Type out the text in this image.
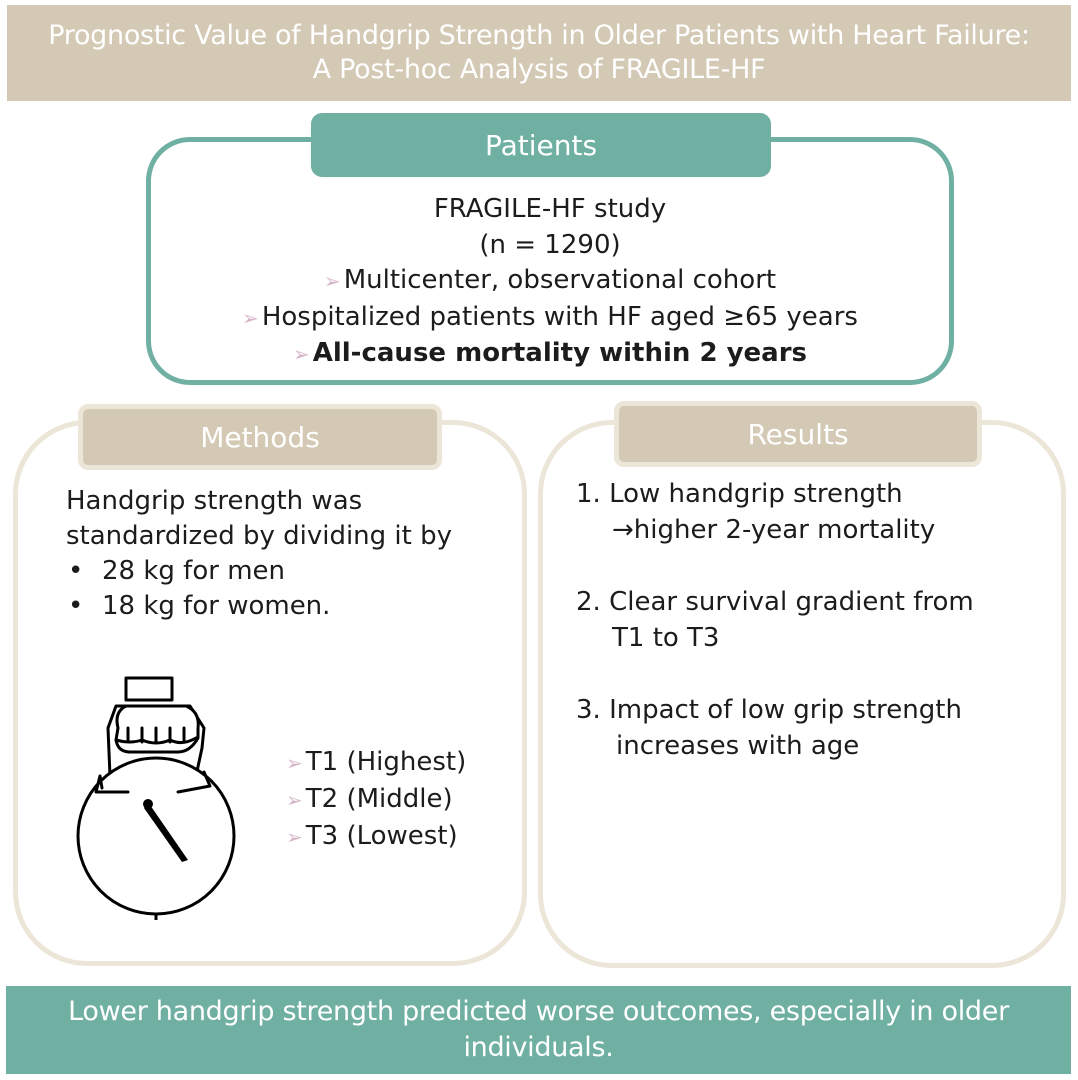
Prognostic Value of Handgrip Strength in Older Patients with Heart Failure: A Post-hoc Analysis of FRAGILE-HF
Patients
FRAGILE-HF study
(n = 1290)
➢ Multicenter, observational cohort
➢ Hospitalized patients with HF aged ≥65 years
➢ All-cause mortality within 2 years
Methods
Handgrip strength was
standardized by dividing it by
• 28 kg for men
• 18 kg for women.
➢ T1 (Highest)
➢ T2 (Middle)
➢ T3 (Lowest)
Results
1. Low handgrip strength
→higher 2-year mortality
2. Clear survival gradient from
T1 to T3
3. Impact of low grip strength
increases with age
Lower handgrip strength predicted worse outcomes, especially in older individuals.
